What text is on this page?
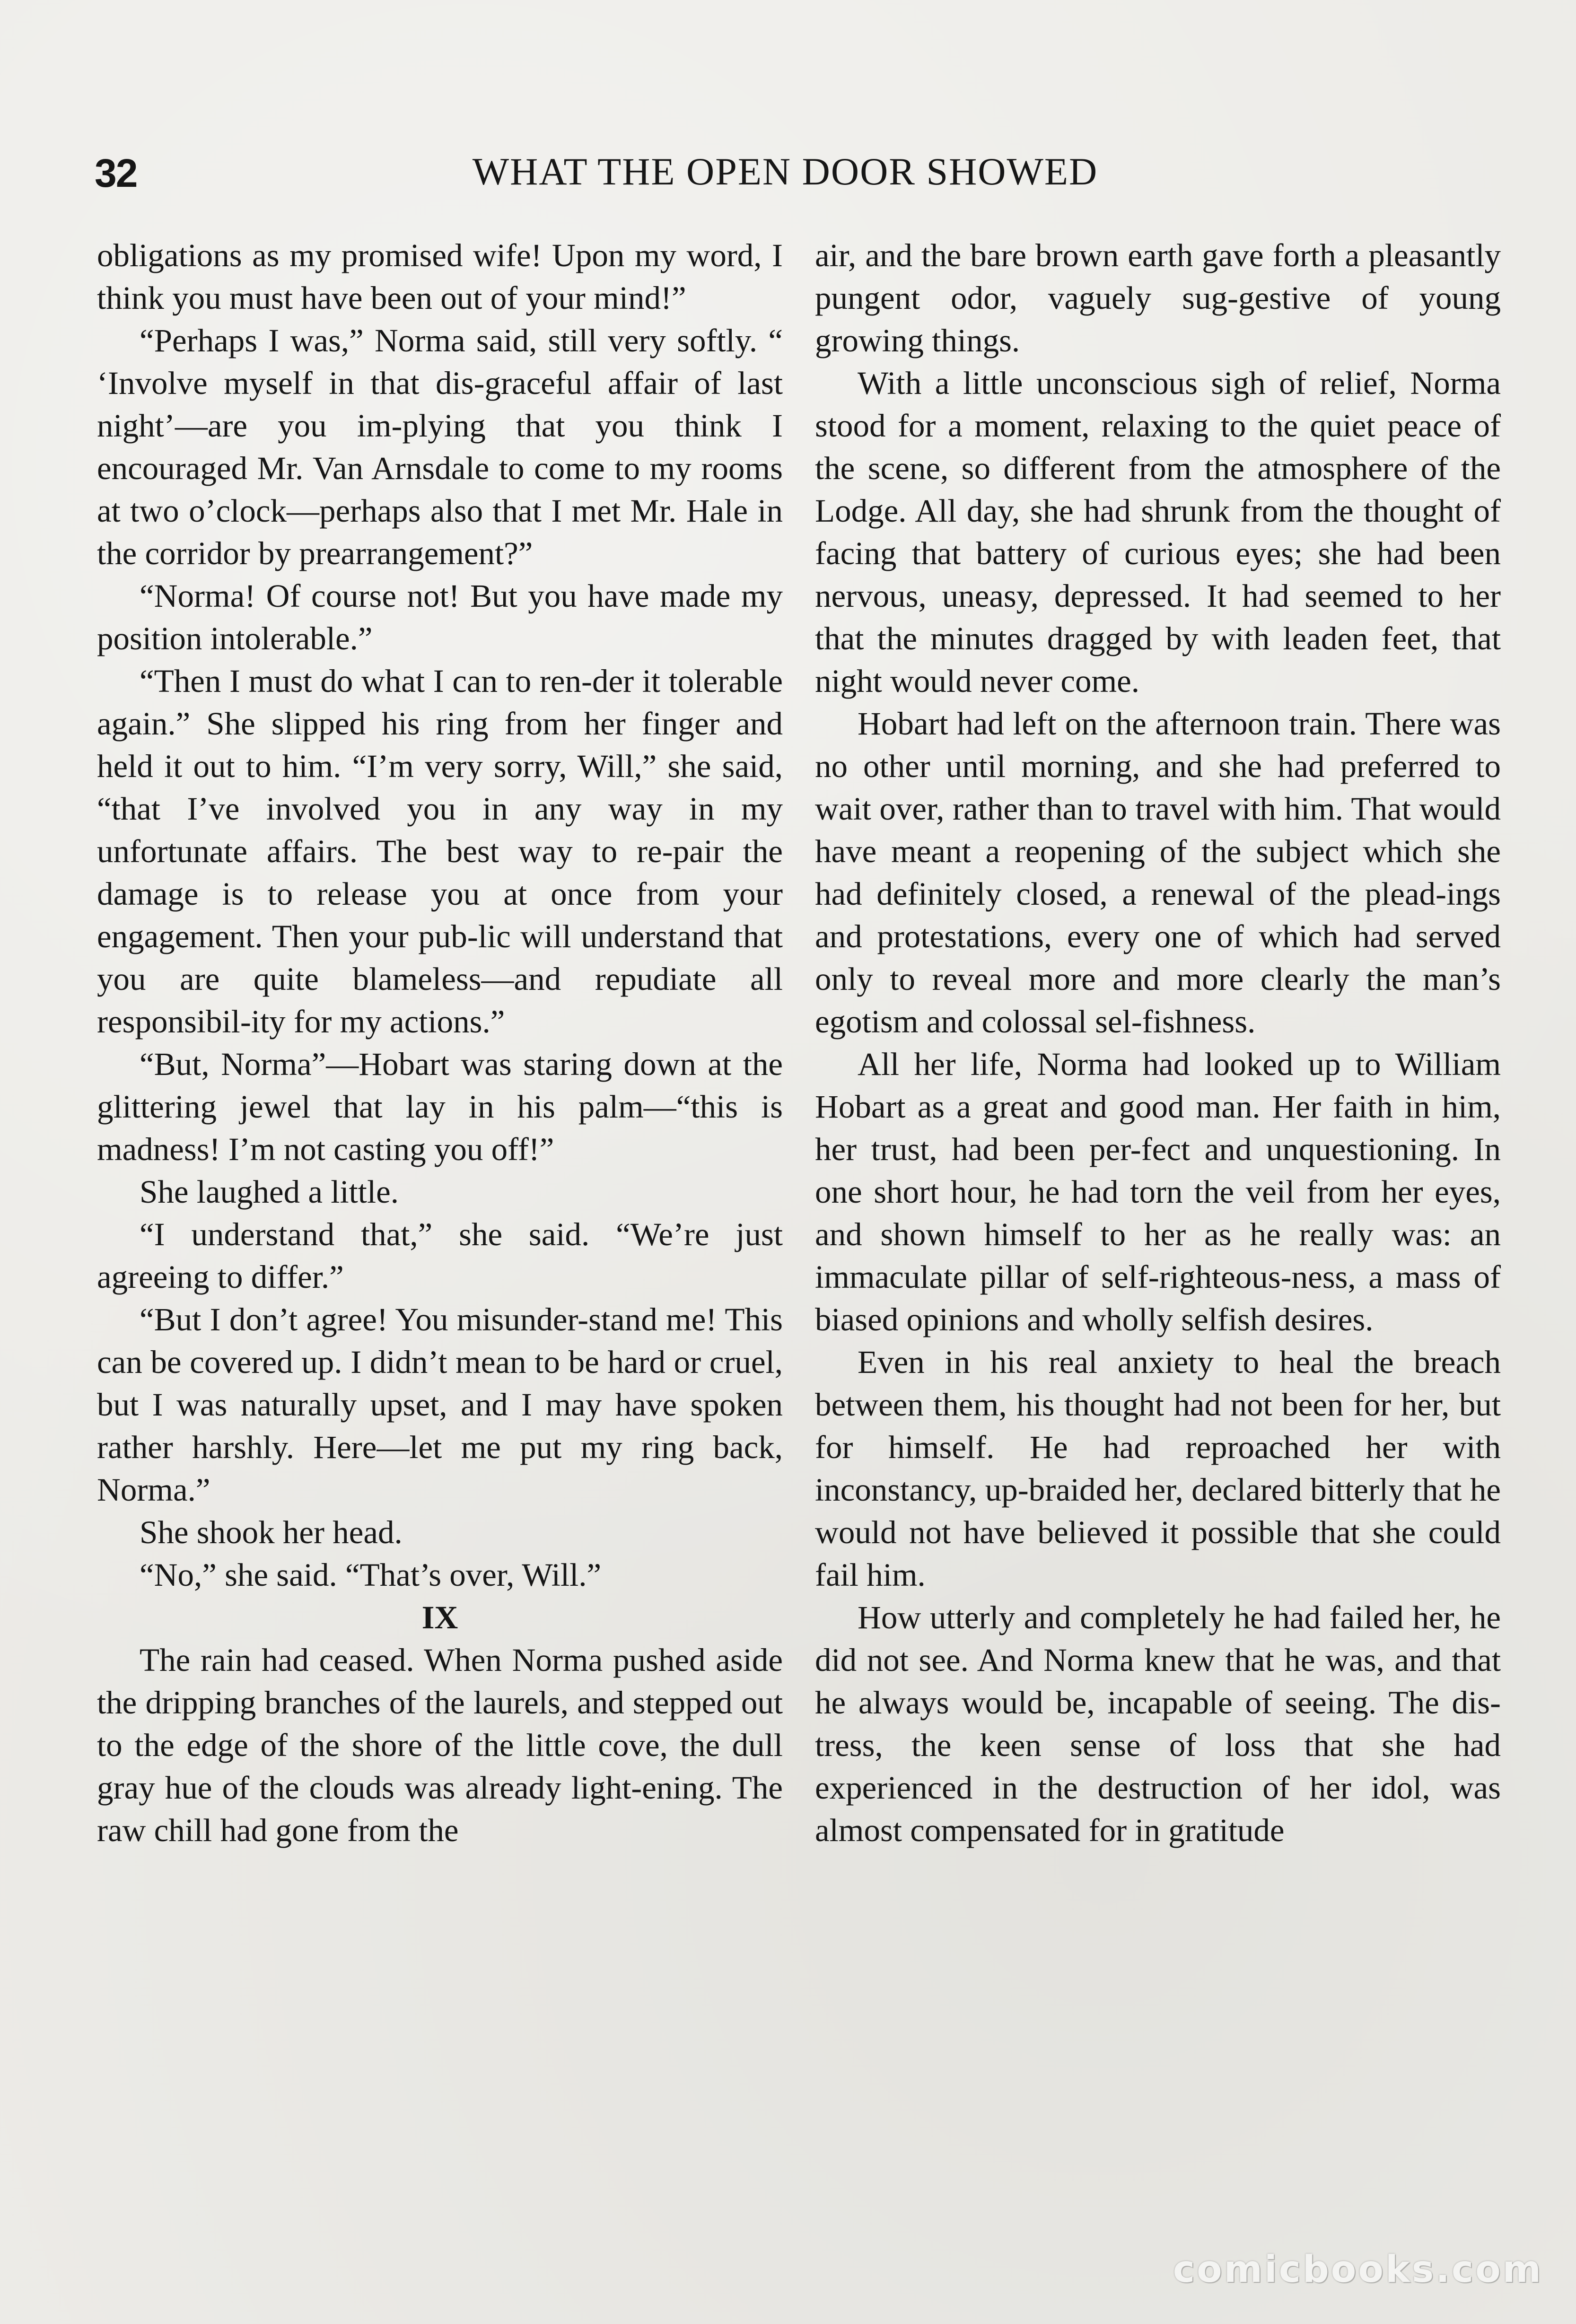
32	WHAT THE OPEN DOOR SHOWED

obligations as my promised wife! Upon my word, I think you must have been out of your mind!”

“Perhaps I was,” Norma said, still very softly. “ ‘Involve myself in that dis-graceful affair of last night’—are you im-plying that you think I encouraged Mr. Van Arnsdale to come to my rooms at two o’clock—perhaps also that I met Mr. Hale in the corridor by prearrangement?”

“Norma! Of course not! But you have made my position intolerable.”

“Then I must do what I can to ren-der it tolerable again.” She slipped his ring from her finger and held it out to him. “I’m very sorry, Will,” she said, “that I’ve involved you in any way in my unfortunate affairs. The best way to re-pair the damage is to release you at once from your engagement. Then your pub-lic will understand that you are quite blameless—and repudiate all responsibil-ity for my actions.”

“But, Norma”—Hobart was staring down at the glittering jewel that lay in his palm—“this is madness! I’m not casting you off!”

She laughed a little.

“I understand that,” she said. “We’re just agreeing to differ.”

“But I don’t agree! You misunder-stand me! This can be covered up. I didn’t mean to be hard or cruel, but I was naturally upset, and I may have spoken rather harshly. Here—let me put my ring back, Norma.”

She shook her head.

“No,” she said. “That’s over, Will.”

IX

The rain had ceased. When Norma pushed aside the dripping branches of the laurels, and stepped out to the edge of the shore of the little cove, the dull gray hue of the clouds was already light-ening. The raw chill had gone from the

air, and the bare brown earth gave forth a pleasantly pungent odor, vaguely sug-gestive of young growing things.

With a little unconscious sigh of relief, Norma stood for a moment, relaxing to the quiet peace of the scene, so different from the atmosphere of the Lodge. All day, she had shrunk from the thought of facing that battery of curious eyes; she had been nervous, uneasy, depressed. It had seemed to her that the minutes dragged by with leaden feet, that night would never come.

Hobart had left on the afternoon train. There was no other until morning, and she had preferred to wait over, rather than to travel with him. That would have meant a reopening of the subject which she had definitely closed, a renewal of the plead-ings and protestations, every one of which had served only to reveal more and more clearly the man’s egotism and colossal sel-fishness.

All her life, Norma had looked up to William Hobart as a great and good man. Her faith in him, her trust, had been per-fect and unquestioning. In one short hour, he had torn the veil from her eyes, and shown himself to her as he really was: an immaculate pillar of self-righteous-ness, a mass of biased opinions and wholly selfish desires.

Even in his real anxiety to heal the breach between them, his thought had not been for her, but for himself. He had reproached her with inconstancy, up-braided her, declared bitterly that he would not have believed it possible that she could fail him.

How utterly and completely he had failed her, he did not see. And Norma knew that he was, and that he always would be, incapable of seeing. The dis-tress, the keen sense of loss that she had experienced in the destruction of her idol, was almost compensated for in gratitude

comicbooks.com
